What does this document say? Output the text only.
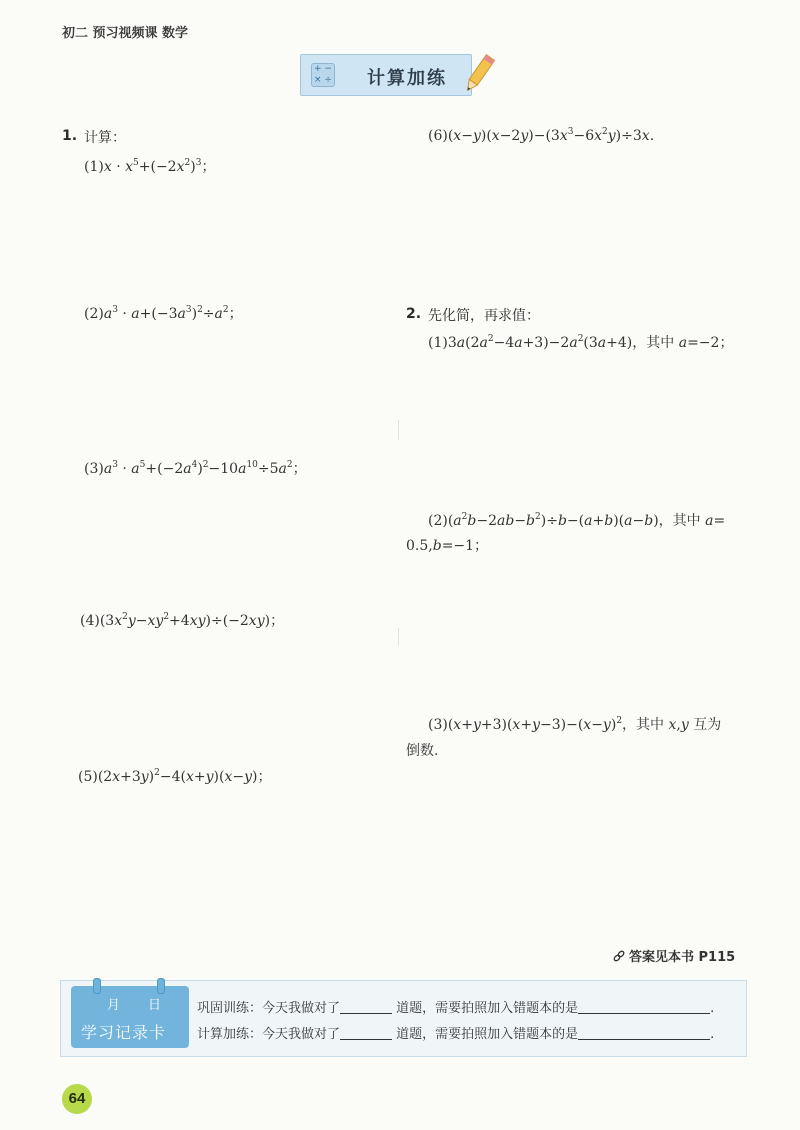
初二 预习视频课 数学
+ −
× ÷ 计算加练
1. 计算：
$(1)x \cdot x^5+(-2x^2)^3$；
$(2)a^3 \cdot a+(-3a^3)^2\div a^2$；
$(3)a^3 \cdot a^5+(-2a^4)^2-10a^{10}\div 5a^2$；
$(4)(3x^2y-xy^2+4xy)\div(-2xy)$；
$(5)(2x+3y)^2-4(x+y)(x-y)$；
$(6)(x-y)(x-2y)-(3x^3-6x^2y)\div 3x$.
2. 先化简，再求值：
$(1)3a(2a^2-4a+3)-2a^2(3a+4)$，其中 a=−2；
$(2)(a^2b-2ab-b^2)\div b-(a+b)(a-b)$，其中 a=
0.5,b=−1；
$(3)(x+y+3)(x+y-3)-(x-y)^2$，其中 x,y 互为
倒数.
答案见本书 P115
月 日
学习记录卡
巩固训练：今天我做对了	道题，需要拍照加入错题本的是	.
计算加练：今天我做对了	道题，需要拍照加入错题本的是	.
64
